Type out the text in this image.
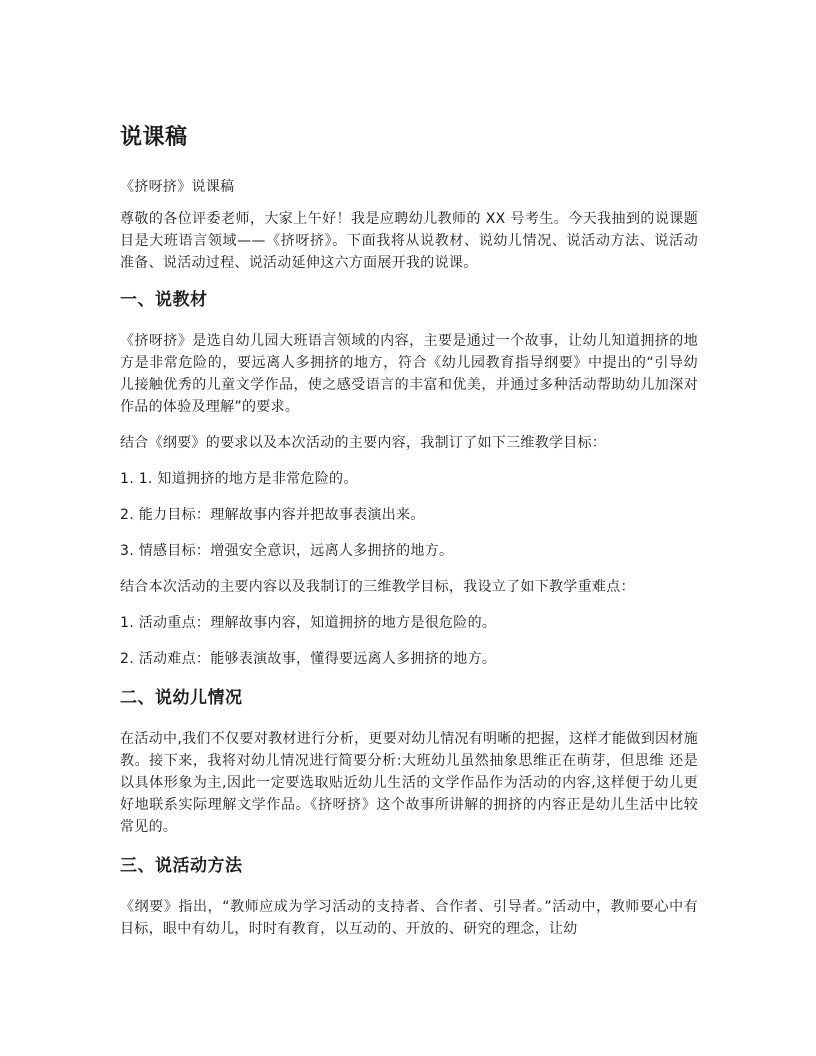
说课稿

《挤呀挤》说课稿

尊敬的各位评委老师，大家上午好！我是应聘幼儿教师的 XX 号考生。今天我抽到的说课题目是大班语言领域——《挤呀挤》。下面我将从说教材、说幼儿情况、说活动方法、说活动准备、说活动过程、说活动延伸这六方面展开我的说课。

一、说教材

《挤呀挤》是选自幼儿园大班语言领域的内容，主要是通过一个故事，让幼儿知道拥挤的地方是非常危险的，要远离人多拥挤的地方，符合《幼儿园教育指导纲要》中提出的“引导幼儿接触优秀的儿童文学作品，使之感受语言的丰富和优美，并通过多种活动帮助幼儿加深对作品的体验及理解”的要求。

结合《纲要》的要求以及本次活动的主要内容，我制订了如下三维教学目标：

1. 1. 知道拥挤的地方是非常危险的。

2. 能力目标：理解故事内容并把故事表演出来。

3. 情感目标：增强安全意识，远离人多拥挤的地方。

结合本次活动的主要内容以及我制订的三维教学目标，我设立了如下教学重难点：

1. 活动重点：理解故事内容，知道拥挤的地方是很危险的。

2. 活动难点：能够表演故事，懂得要远离人多拥挤的地方。

二、说幼儿情况

在活动中,我们不仅要对教材进行分析，更要对幼儿情况有明晰的把握，这样才能做到因材施教。接下来，我将对幼儿情况进行简要分析:大班幼儿虽然抽象思维正在萌芽，但思维 还是以具体形象为主,因此一定要选取贴近幼儿生活的文学作品作为活动的内容,这样便于幼儿更好地联系实际理解文学作品。《挤呀挤》这个故事所讲解的拥挤的内容正是幼儿生活中比较常见的。

三、说活动方法

《纲要》指出，“教师应成为学习活动的支持者、合作者、引导者。”活动中，教师要心中有目标，眼中有幼儿，时时有教育，以互动的、开放的、研究的理念，让幼
